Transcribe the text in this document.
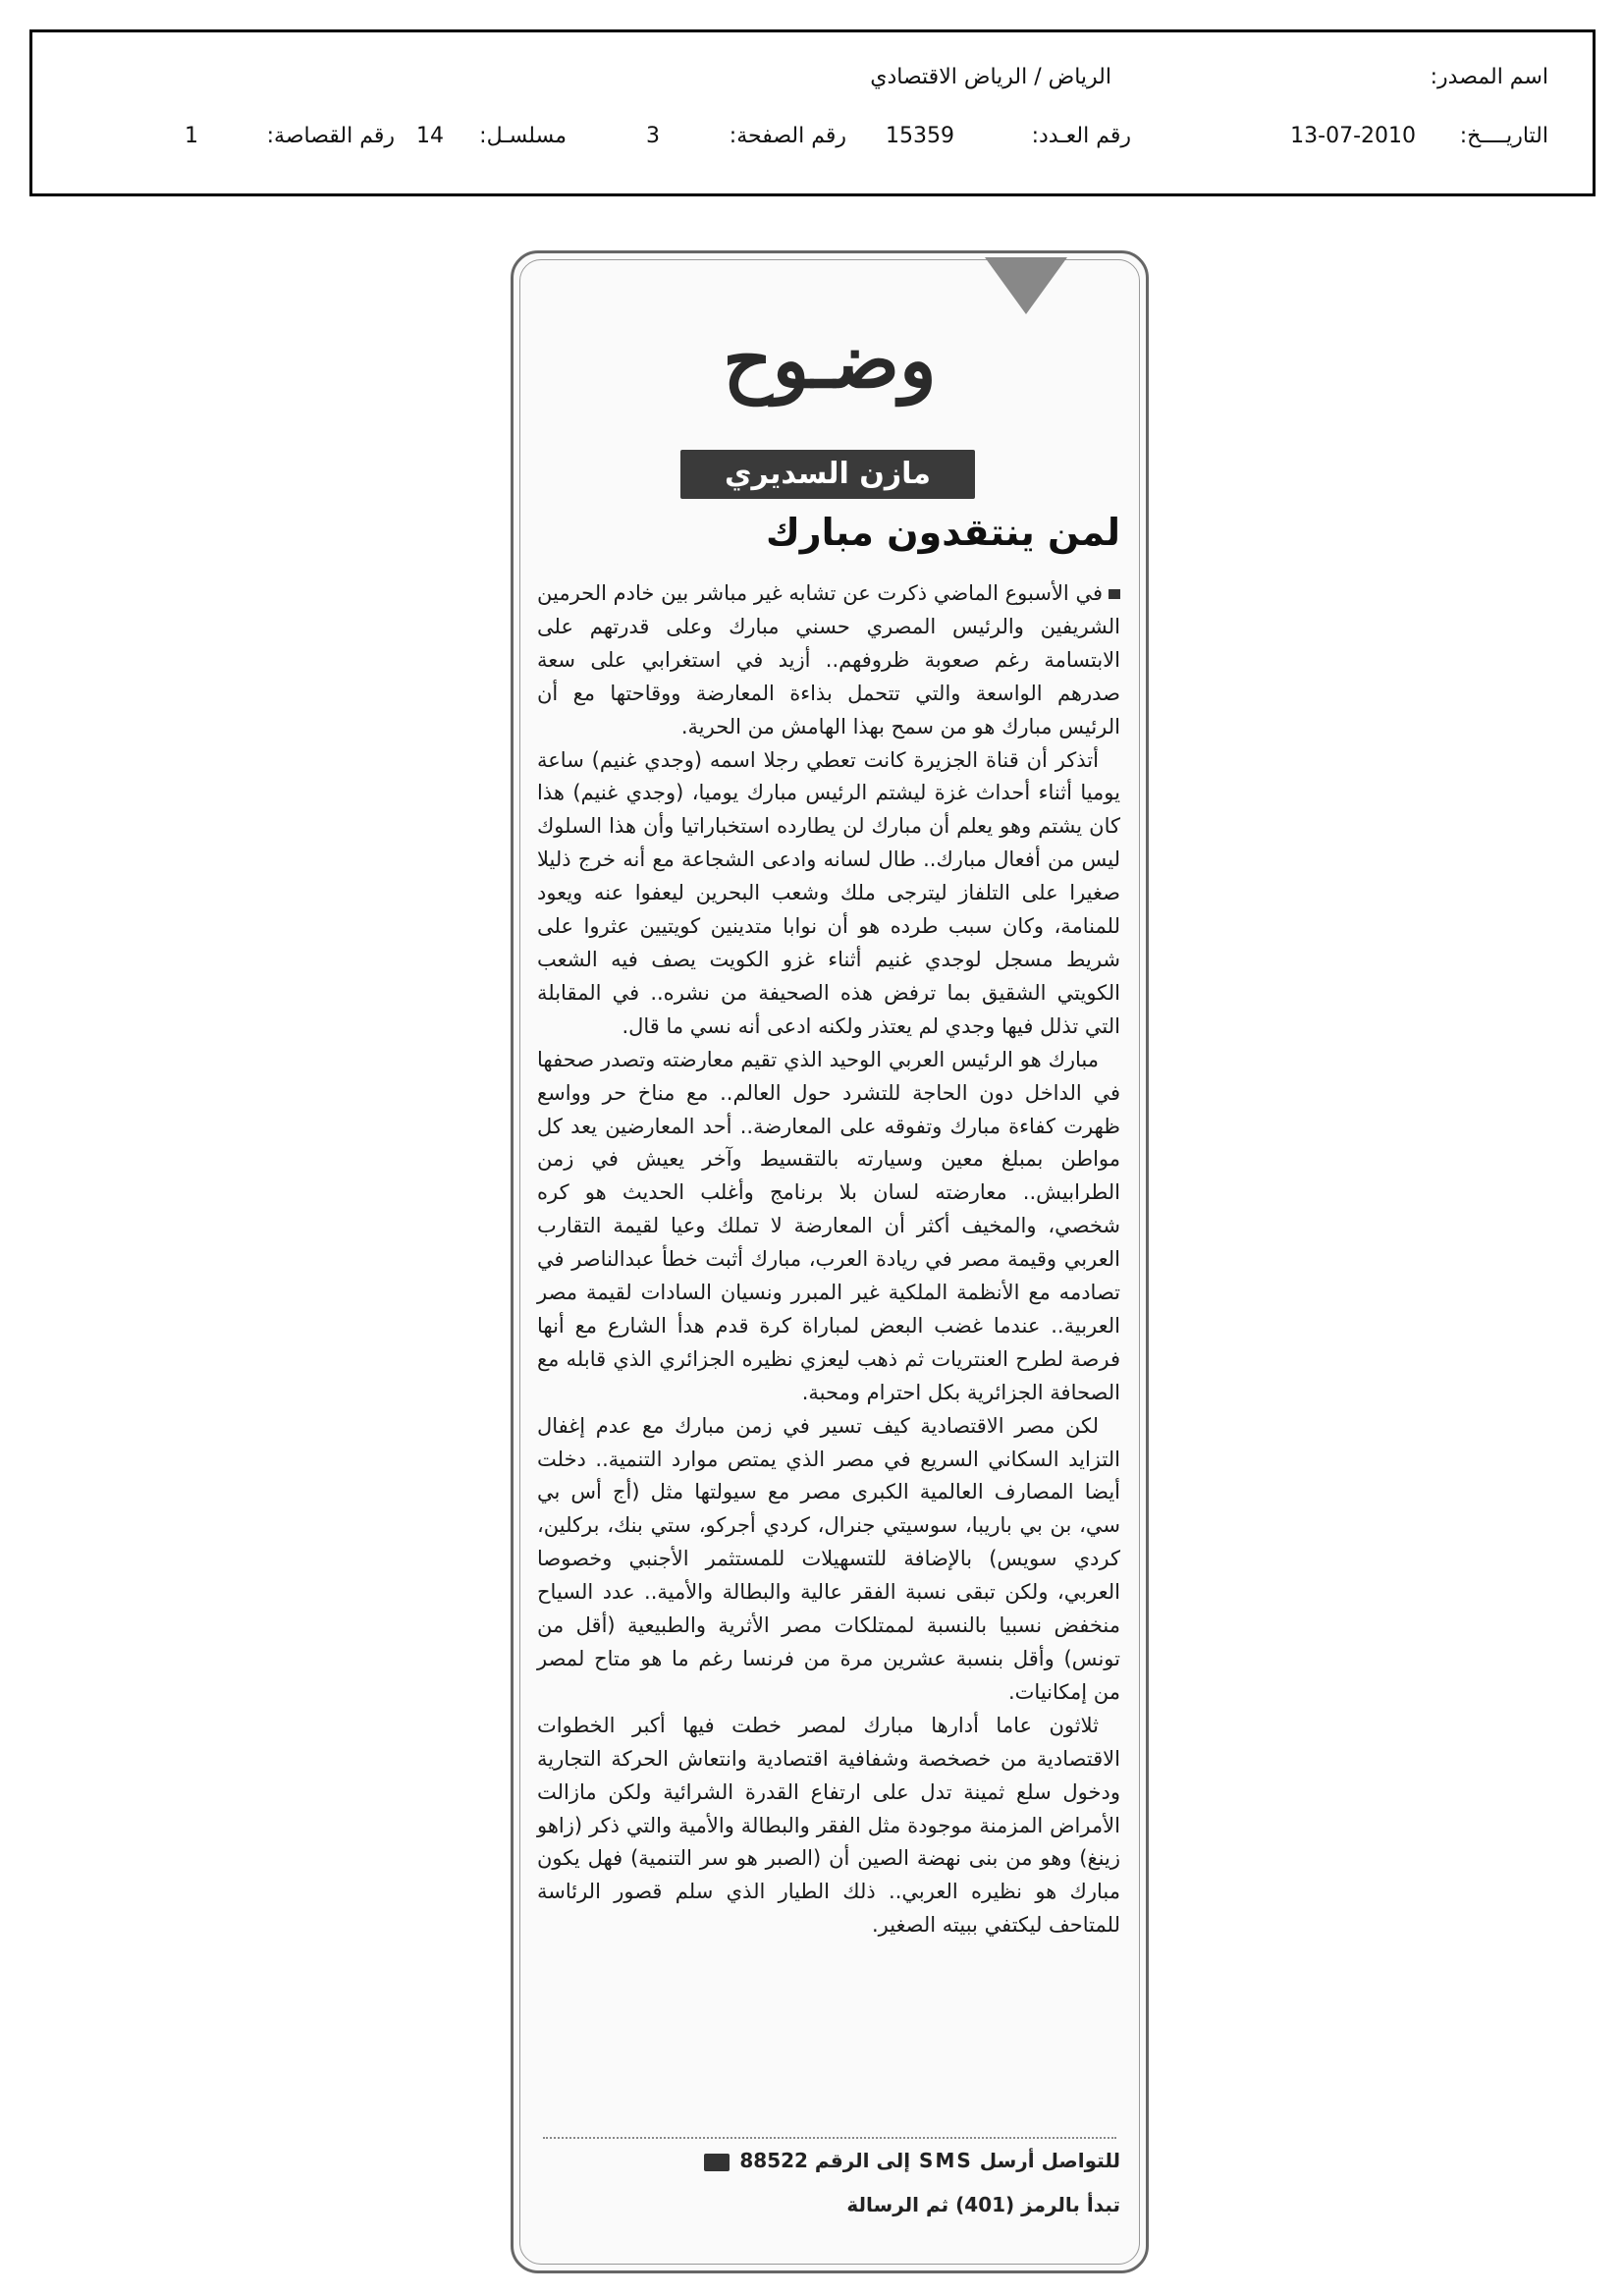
اسم المصدر:
الرياض / الرياض الاقتصادي
التاريــــخ:
13-07-2010
رقم العـدد:
15359
رقم الصفحة:
3
مسلسـل:
14
رقم القصاصة:
1
وضـوح
مازن السديري
لمن ينتقدون مبارك

في الأسبوع الماضي ذكرت عن تشابه غير مباشر بين خادم الحرمين الشريفين والرئيس المصري حسني مبارك وعلى قدرتهم على الابتسامة رغم صعوبة ظروفهم.. أزيد في استغرابي على سعة صدرهم الواسعة والتي تتحمل بذاءة المعارضة ووقاحتها مع أن الرئيس مبارك هو من سمح بهذا الهامش من الحرية.

أتذكر أن قناة الجزيرة كانت تعطي رجلا اسمه (وجدي غنيم) ساعة يوميا أثناء أحداث غزة ليشتم الرئيس مبارك يوميا، (وجدي غنيم) هذا كان يشتم وهو يعلم أن مبارك لن يطارده استخباراتيا وأن هذا السلوك ليس من أفعال مبارك.. طال لسانه وادعى الشجاعة مع أنه خرج ذليلا صغيرا على التلفاز ليترجى ملك وشعب البحرين ليعفوا عنه ويعود للمنامة، وكان سبب طرده هو أن نوابا متدينين كويتيين عثروا على شريط مسجل لوجدي غنيم أثناء غزو الكويت يصف فيه الشعب الكويتي الشقيق بما ترفض هذه الصحيفة من نشره.. في المقابلة التي تذلل فيها وجدي لم يعتذر ولكنه ادعى أنه نسي ما قال.

مبارك هو الرئيس العربي الوحيد الذي تقيم معارضته وتصدر صحفها في الداخل دون الحاجة للتشرد حول العالم.. مع مناخ حر وواسع ظهرت كفاءة مبارك وتفوقه على المعارضة.. أحد المعارضين يعد كل مواطن بمبلغ معين وسيارته بالتقسيط وآخر يعيش في زمن الطرابيش.. معارضته لسان بلا برنامج وأغلب الحديث هو كره شخصي، والمخيف أكثر أن المعارضة لا تملك وعيا لقيمة التقارب العربي وقيمة مصر في ريادة العرب، مبارك أثبت خطأ عبدالناصر في تصادمه مع الأنظمة الملكية غير المبرر ونسيان السادات لقيمة مصر العربية.. عندما غضب البعض لمباراة كرة قدم هدأ الشارع مع أنها فرصة لطرح العنتريات ثم ذهب ليعزي نظيره الجزائري الذي قابله مع الصحافة الجزائرية بكل احترام ومحبة.

لكن مصر الاقتصادية كيف تسير في زمن مبارك مع عدم إغفال التزايد السكاني السريع في مصر الذي يمتص موارد التنمية.. دخلت أيضا المصارف العالمية الكبرى مصر مع سيولتها مثل (أج أس بي سي، بن بي باريبا، سوسيتي جنرال، كردي أجركو، ستي بنك، بركلين، كردي سويس) بالإضافة للتسهيلات للمستثمر الأجنبي وخصوصا العربي، ولكن تبقى نسبة الفقر عالية والبطالة والأمية.. عدد السياح منخفض نسبيا بالنسبة لممتلكات مصر الأثرية والطبيعية (أقل من تونس) وأقل بنسبة عشرين مرة من فرنسا رغم ما هو متاح لمصر من إمكانيات.

ثلاثون عاما أدارها مبارك لمصر خطت فيها أكبر الخطوات الاقتصادية من خصخصة وشفافية اقتصادية وانتعاش الحركة التجارية ودخول سلع ثمينة تدل على ارتفاع القدرة الشرائية ولكن مازالت الأمراض المزمنة موجودة مثل الفقر والبطالة والأمية والتي ذكر (زاهو زينغ) وهو من بنى نهضة الصين أن (الصبر هو سر التنمية) فهل يكون مبارك هو نظيره العربي.. ذلك الطيار الذي سلم قصور الرئاسة للمتاحف ليكتفي ببيته الصغير.

للتواصل أرسل SMS إلى الرقم 88522
تبدأ بالرمز (401) ثم الرسالة
